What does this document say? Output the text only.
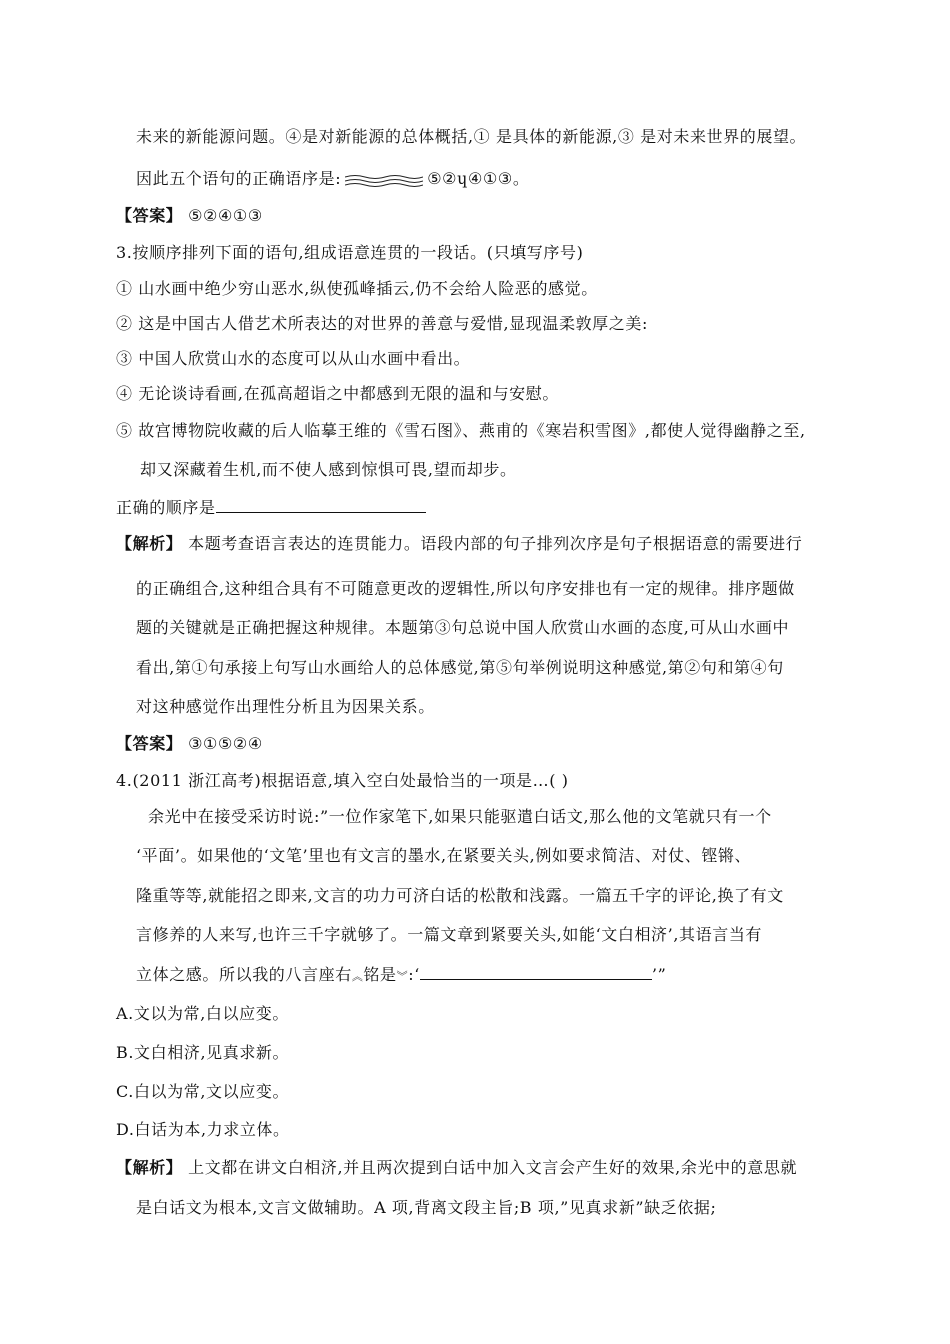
未来的新能源问题。④是对新能源的总体概括,① 是具体的新能源,③ 是对未来世界的展望。
因此五个语句的正确语序是:	⑤②ɥ④①③。
【答案】 ⑤②④①③
3.按顺序排列下面的语句,组成语意连贯的一段话。(只填写序号)
① 山水画中绝少穷山恶水,纵使孤峰插云,仍不会给人险恶的感觉。
② 这是中国古人借艺术所表达的对世界的善意与爱惜,显现温柔敦厚之美:
③ 中国人欣赏山水的态度可以从山水画中看出。
④ 无论谈诗看画,在孤高超诣之中都感到无限的温和与安慰。
⑤ 故宫博物院收藏的后人临摹王维的《雪石图》、燕甫的《寒岩积雪图》,都使人觉得幽静之至,
却又深藏着生机,而不使人感到惊惧可畏,望而却步。
正确的顺序是
【解析】 本题考查语言表达的连贯能力。语段内部的句子排列次序是句子根据语意的需要进行
的正确组合,这种组合具有不可随意更改的逻辑性,所以句序安排也有一定的规律。排序题做
题的关键就是正确把握这种规律。本题第③句总说中国人欣赏山水画的态度,可从山水画中
看出,第①句承接上句写山水画给人的总体感觉,第⑤句举例说明这种感觉,第②句和第④句
对这种感觉作出理性分析且为因果关系。
【答案】 ③①⑤②④
4.(2011 浙江高考)根据语意,填入空白处最恰当的一项是…( )
余光中在接受采访时说:”一位作家笔下,如果只能驱遣白话文,那么他的文笔就只有一个
‘平面’。如果他的‘文笔’里也有文言的墨水,在紧要关头,例如要求简洁、对仗、铿锵、
隆重等等,就能招之即来,文言的功力可济白话的松散和浅露。一篇五千字的评论,换了有文
言修养的人来写,也许三千字就够了。一篇文章到紧要关头,如能‘文白相济’,其语言当有
立体之感。所以我的八言座右︽铭是︾:‘	’”
A.文以为常,白以应变。
B.文白相济,见真求新。
C.白以为常,文以应变。
D.白话为本,力求立体。
【解析】 上文都在讲文白相济,并且两次提到白话中加入文言会产生好的效果,余光中的意思就
是白话文为根本,文言文做辅助。A 项,背离文段主旨;B 项,”见真求新”缺乏依据;
